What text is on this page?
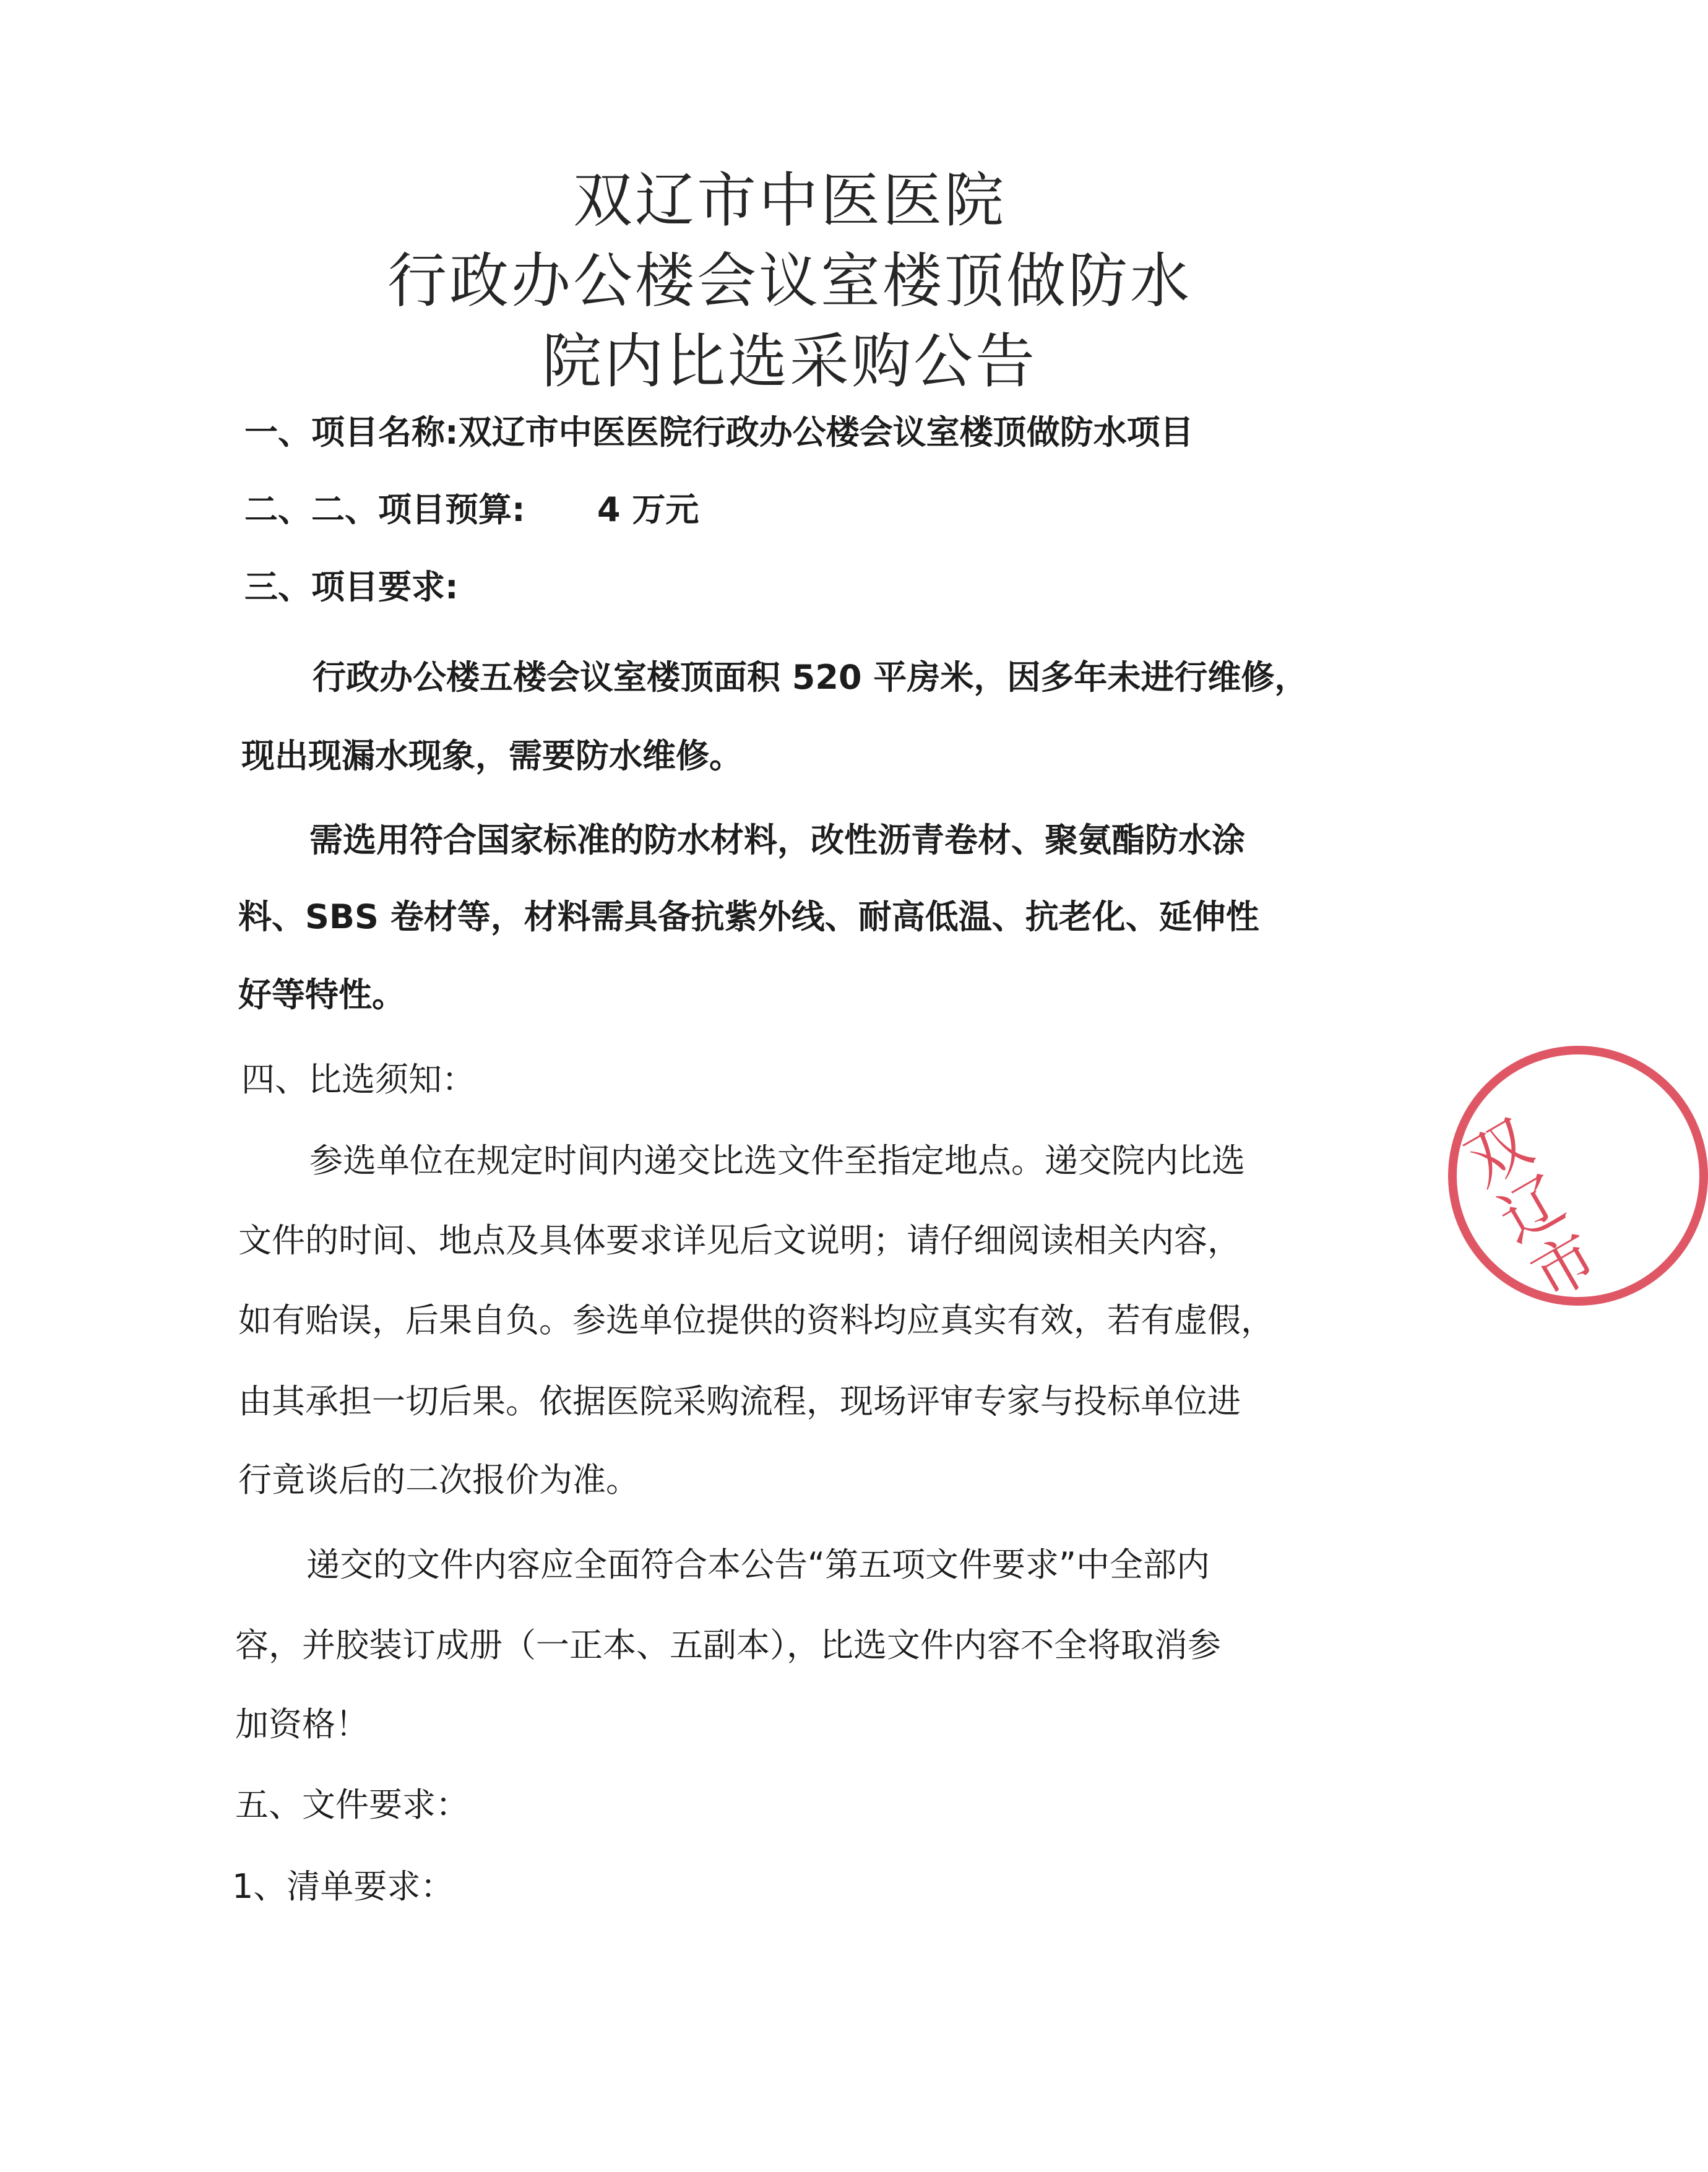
双辽市中医医院
行政办公楼会议室楼顶做防水
院内比选采购公告
一、项目名称:双辽市中医医院行政办公楼会议室楼顶做防水项目
二、二、项目预算: 4 万元
三、项目要求:
行政办公楼五楼会议室楼顶面积 520 平房米，因多年未进行维修，
现出现漏水现象，需要防水维修。
需选用符合国家标准的防水材料，改性沥青卷材、聚氨酯防水涂
料、SBS 卷材等，材料需具备抗紫外线、耐高低温、抗老化、延伸性
好等特性。
四、比选须知：
参选单位在规定时间内递交比选文件至指定地点。递交院内比选
文件的时间、地点及具体要求详见后文说明；请仔细阅读相关内容，
如有贻误，后果自负。参选单位提供的资料均应真实有效，若有虚假，
由其承担一切后果。依据医院采购流程，现场评审专家与投标单位进
行竟谈后的二次报价为准。
递交的文件内容应全面符合本公告“第五项文件要求”中全部内
容，并胶装订成册（一正本、五副本），比选文件内容不全将取消参
加资格！
五、文件要求：
1、清单要求：
双辽市
